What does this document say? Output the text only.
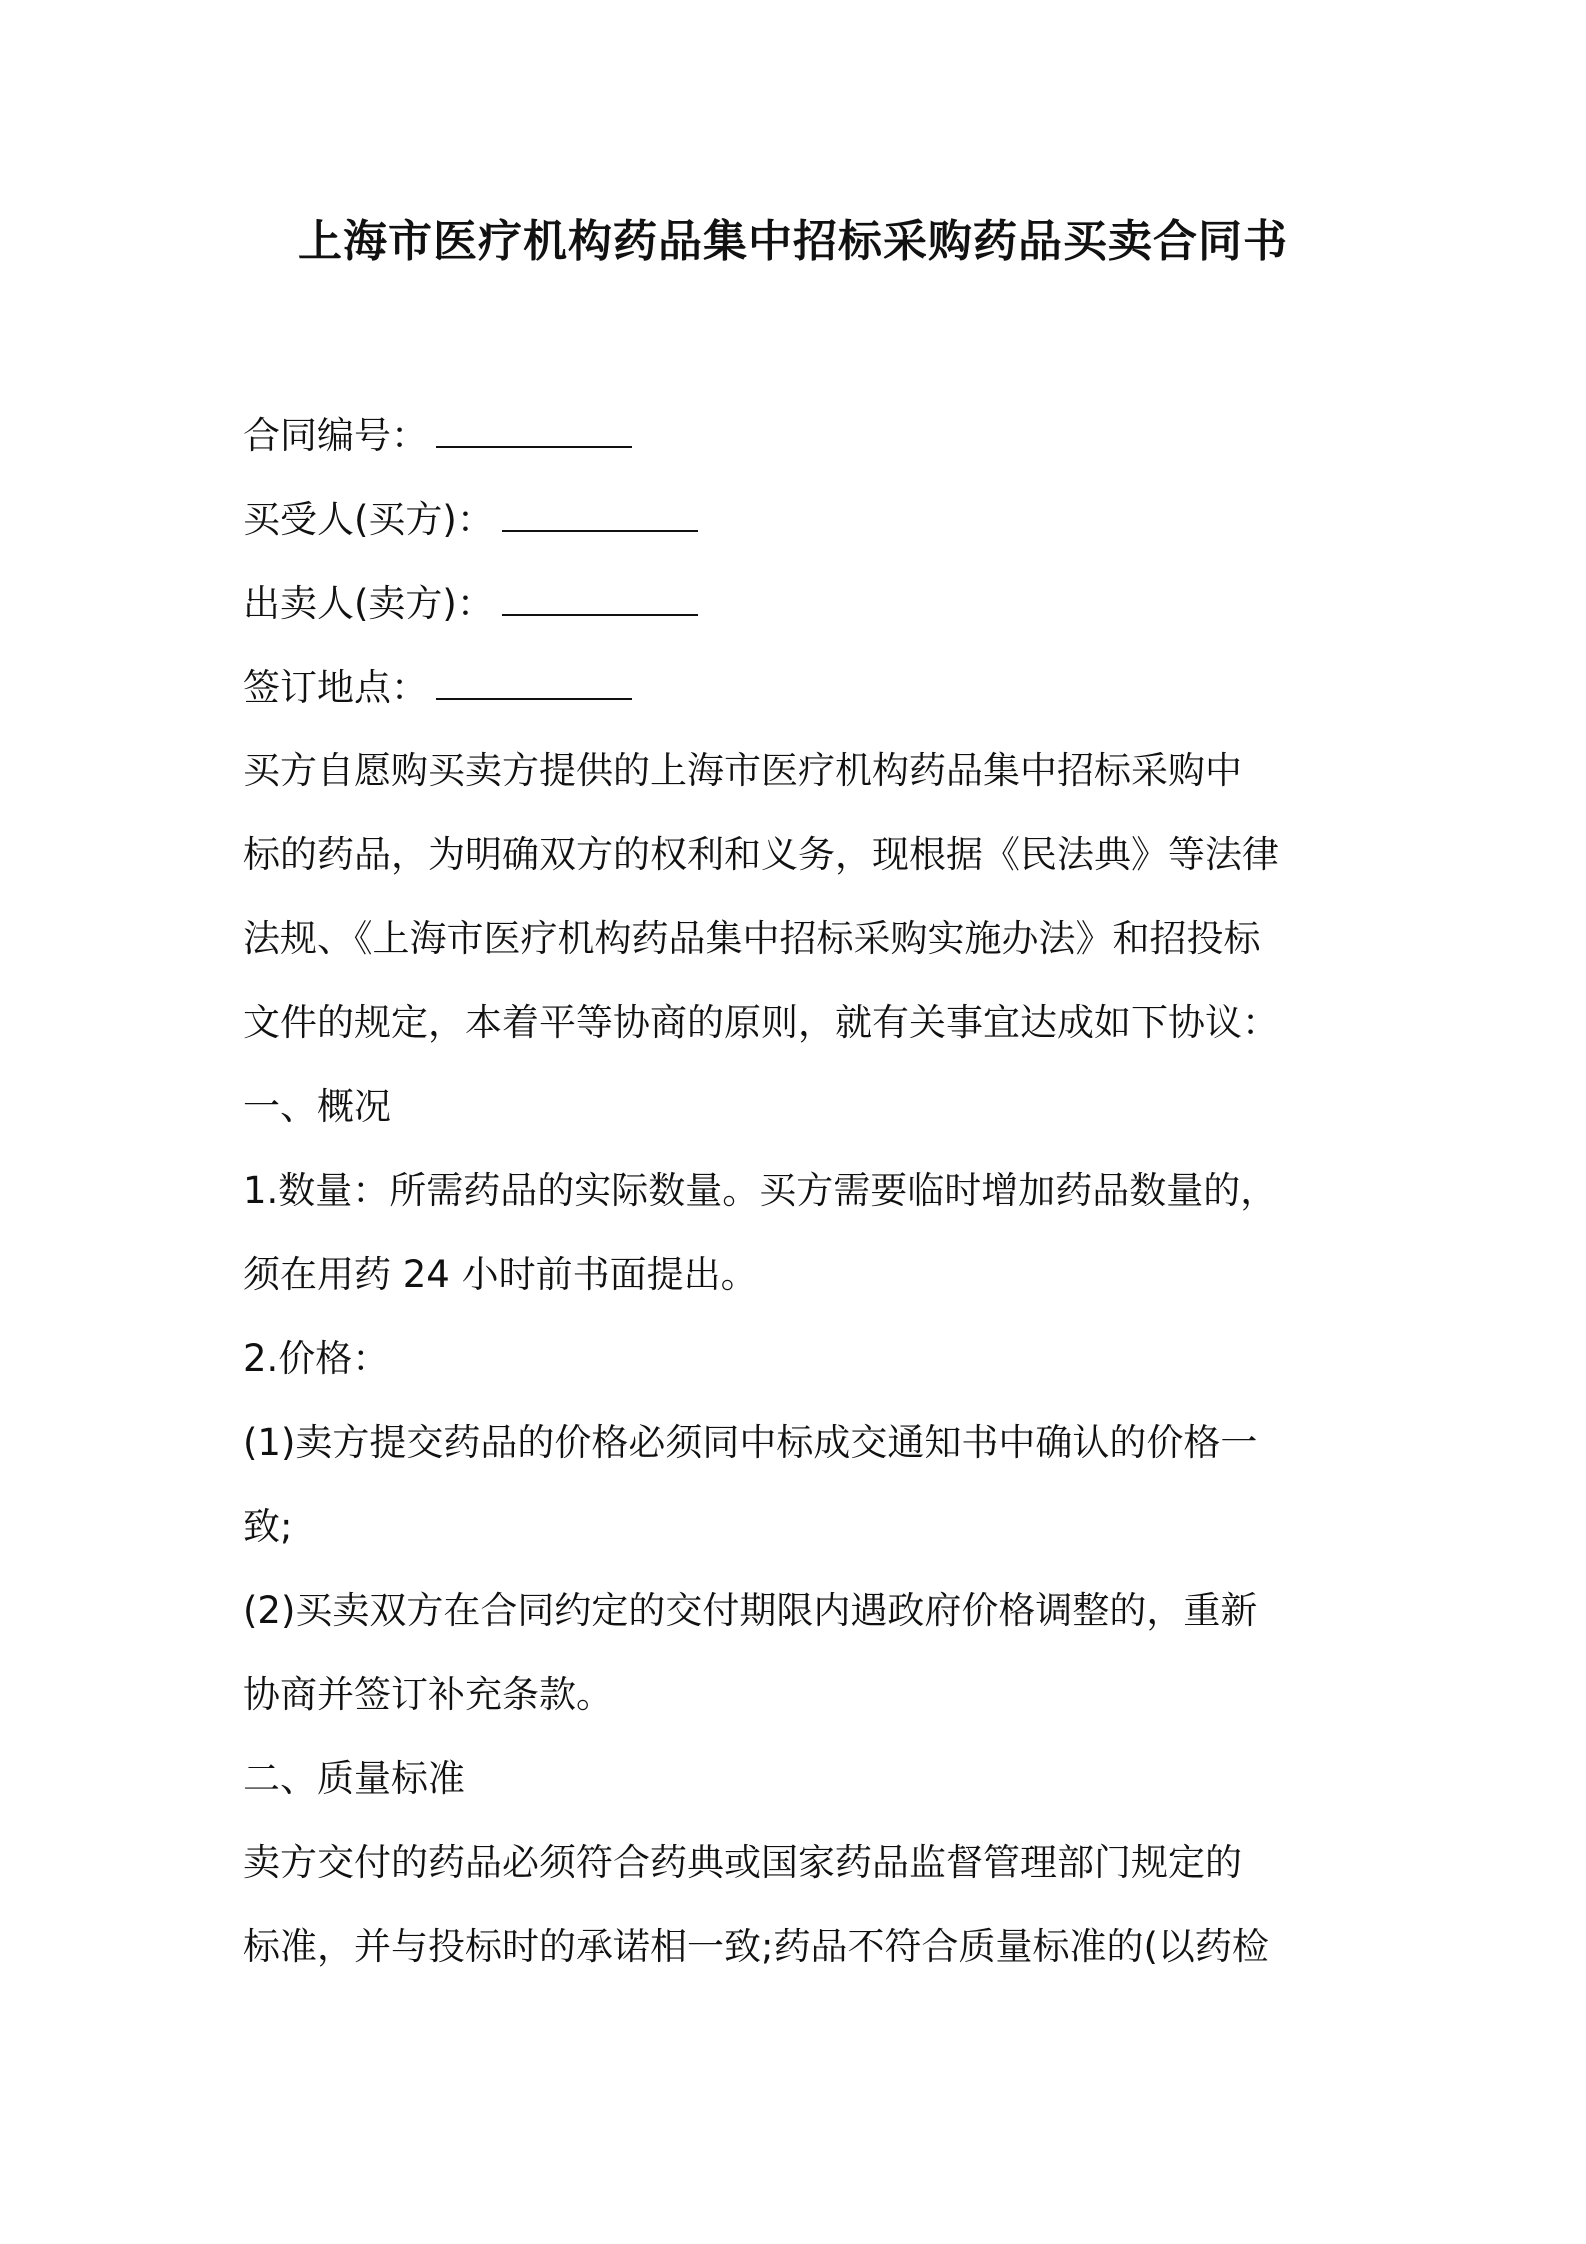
上海市医疗机构药品集中招标采购药品买卖合同书
合同编号：
买受人(买方)：
出卖人(卖方)：
签订地点：
买方自愿购买卖方提供的上海市医疗机构药品集中招标采购中
标的药品，为明确双方的权利和义务，现根据《民法典》等法律
法规、《上海市医疗机构药品集中招标采购实施办法》和招投标
文件的规定，本着平等协商的原则，就有关事宜达成如下协议：
一、概况
1.数量：所需药品的实际数量。买方需要临时增加药品数量的，
须在用药 24 小时前书面提出。
2.价格：
(1)卖方提交药品的价格必须同中标成交通知书中确认的价格一
致;
(2)买卖双方在合同约定的交付期限内遇政府价格调整的，重新
协商并签订补充条款。
二、质量标准
卖方交付的药品必须符合药典或国家药品监督管理部门规定的
标准，并与投标时的承诺相一致;药品不符合质量标准的(以药检
